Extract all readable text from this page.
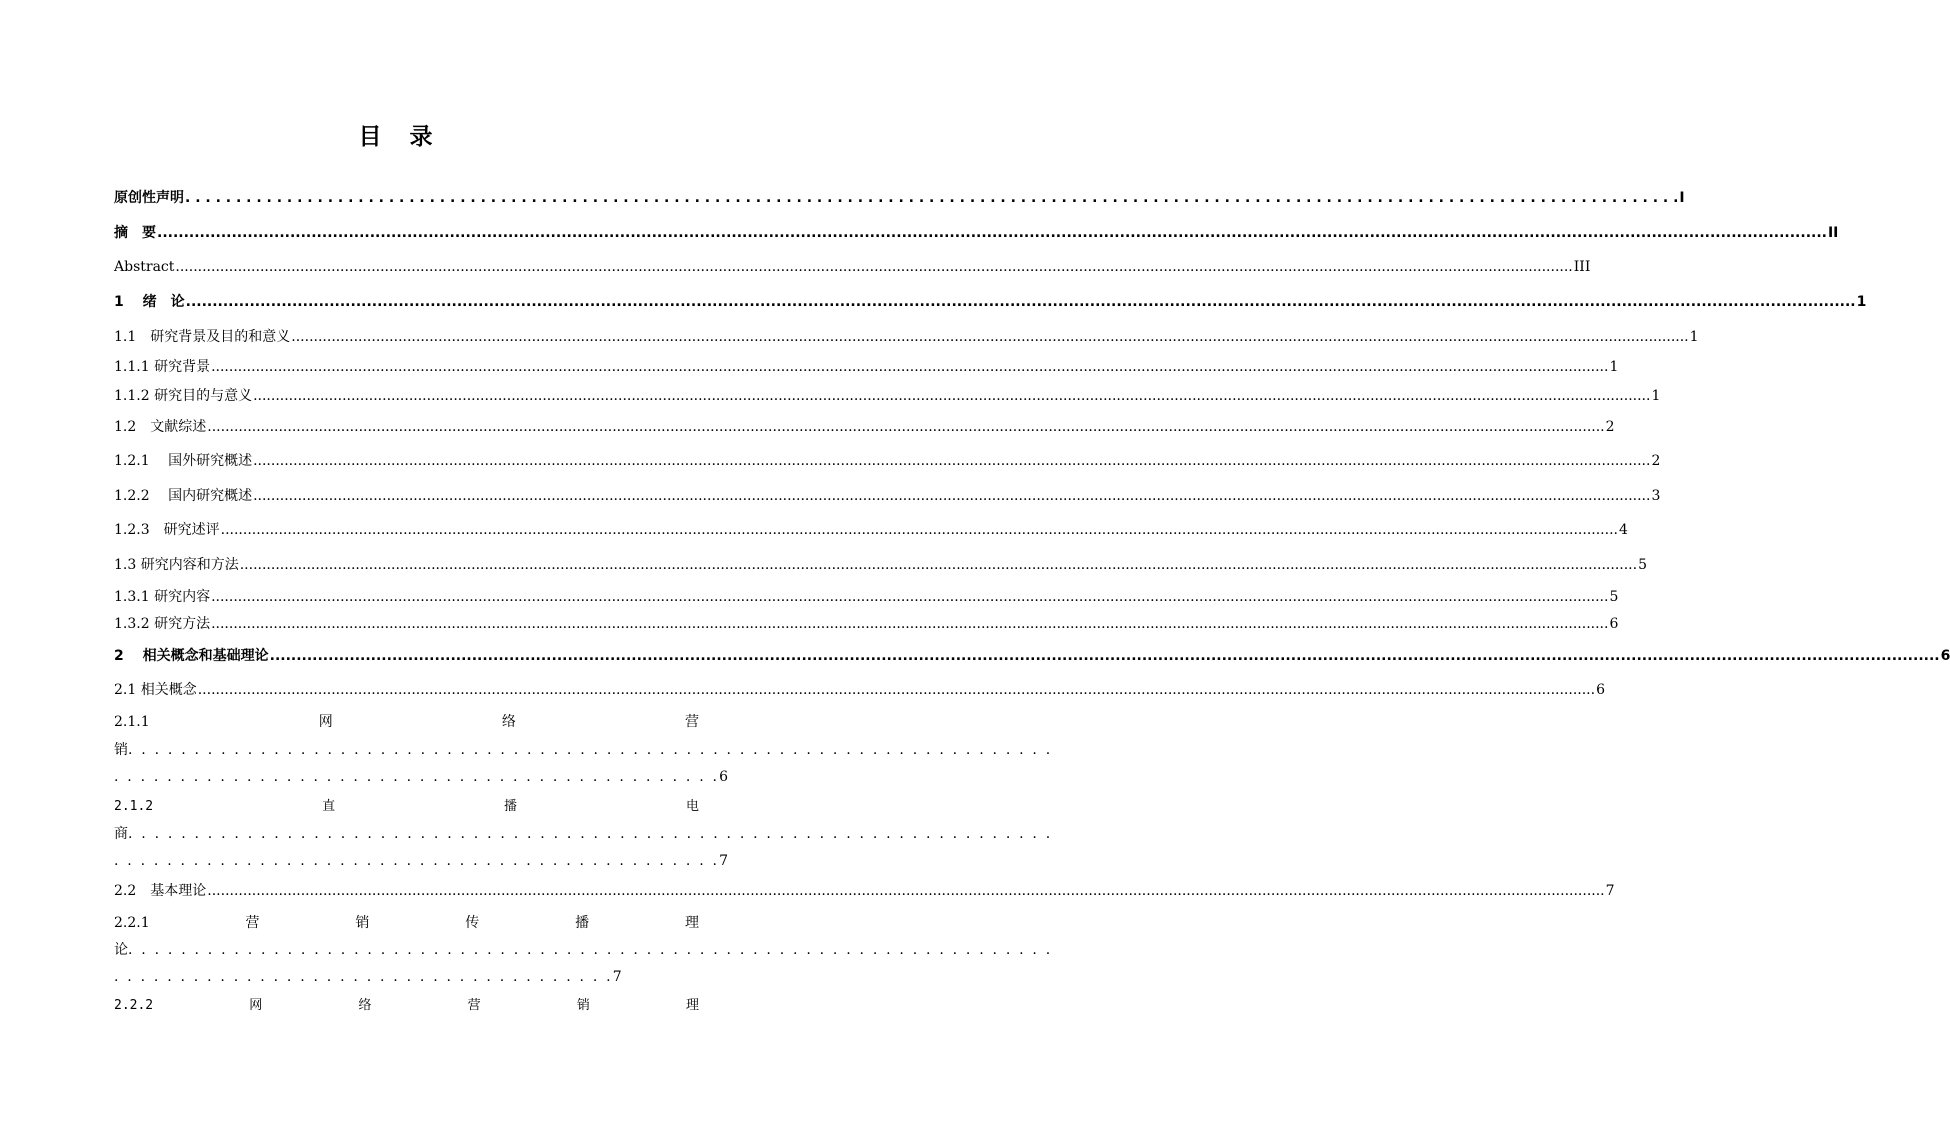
目 录
原创性声明 . . .	I
摘　要 .....	II
Abstract .....	III
1　 绪　论 .....	1
1.1　研究背景及目的和意义 .....	1
1.1.1 研究背景 .....	1
1.1.2 研究目的与意义 .....	1
1.2　文献综述 .....	2
1.2.1　 国外研究概述 .....	2
1.2.2　 国内研究概述 .....	3
1.2.3　研究述评 .....	4
1.3 研究内容和方法 .....	5
1.3.1 研究内容 .....	5
1.3.2 研究方法 .....	6
2　 相关概念和基础理论 .....	6
2.1 相关概念 .....	6
2.1.1	网	络	营
销. . . . . . . . . . . . . . . . . . . . . . . . . . . . . . . . . . . . . . . . . . . . . . . . . . . . . . . . . . . . . . . . . . . . . .
. . . . . . . . . . . . . . . . . . . . . . . . . . . . . . . . . . . . . . . . . . . . . .6
2.1.2	直	播	电
商. . . . . . . . . . . . . . . . . . . . . . . . . . . . . . . . . . . . . . . . . . . . . . . . . . . . . . . . . . . . . . . . . . . . . .
. . . . . . . . . . . . . . . . . . . . . . . . . . . . . . . . . . . . . . . . . . . . . .7
2.2　基本理论 .....	7
2.2.1	营	销	传	播	理
论. . . . . . . . . . . . . . . . . . . . . . . . . . . . . . . . . . . . . . . . . . . . . . . . . . . . . . . . . . . . . . . . . . . . . .
. . . . . . . . . . . . . . . . . . . . . . . . . . . . . . . . . . . . . .7
2.2.2	网	络	营	销	理
